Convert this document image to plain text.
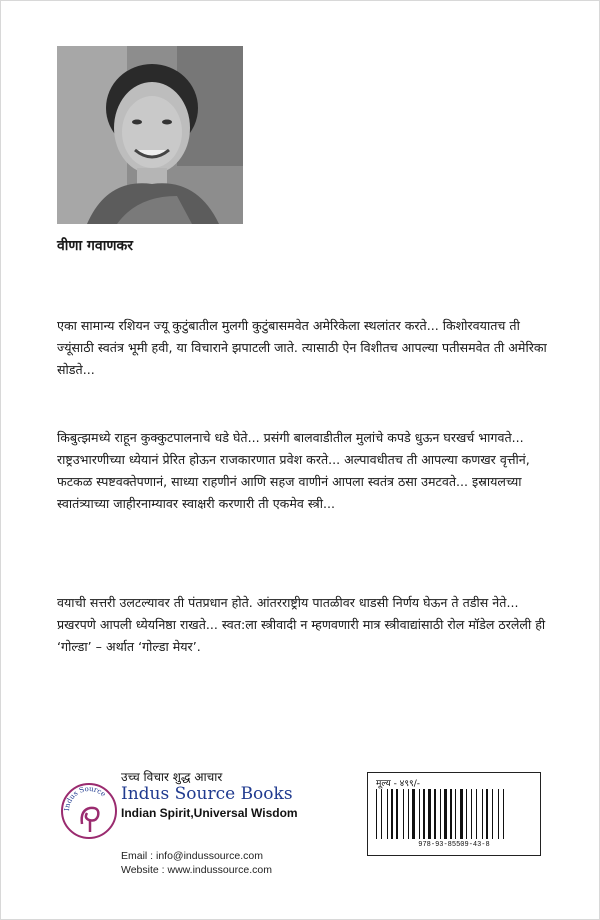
वीणा गवाणकर

एका सामान्य रशियन ज्यू कुटुंबातील मुलगी कुटुंबासमवेत अमेरिकेला स्थलांतर करते... किशोरवयातच ती ज्यूंसाठी स्वतंत्र भूमी हवी, या विचाराने झपाटली जाते. त्यासाठी ऐन विशीतच आपल्या पतीसमवेत ती अमेरिका सोडते...

किबुत्झमध्ये राहून कुक्कुटपालनाचे धडे घेते... प्रसंगी बालवाडीतील मुलांचे कपडे धुऊन घरखर्च भागवते... राष्ट्रउभारणीच्या ध्येयानं प्रेरित होऊन राजकारणात प्रवेश करते... अल्पावधीतच ती आपल्या कणखर वृत्तीनं, फटकळ स्पष्टवक्तेपणानं, साध्या राहणीनं आणि सहज वाणीनं आपला स्वतंत्र ठसा उमटवते... इस्रायलच्या स्वातंत्र्याच्या जाहीरनाम्यावर स्वाक्षरी करणारी ती एकमेव स्त्री...

वयाची सत्तरी उलटल्यावर ती पंतप्रधान होते. आंतरराष्ट्रीय पातळीवर धाडसी निर्णय घेऊन ते तडीस नेते... प्रखरपणे आपली ध्येयनिष्ठा राखते... स्वत:ला स्त्रीवादी न म्हणवणारी मात्र स्त्रीवाद्यांसाठी रोल मॉडेल ठरलेली ही ‘गोल्डा’ – अर्थात ‘गोल्डा मेयर’.

उच्च विचार शुद्ध आचार
Indus Source Indus Source Books
Indian Spirit,Universal Wisdom
Email : info@indussource.com
Website : www.indussource.com
मूल्य - ४९९/-
978-93-85509-43-8
